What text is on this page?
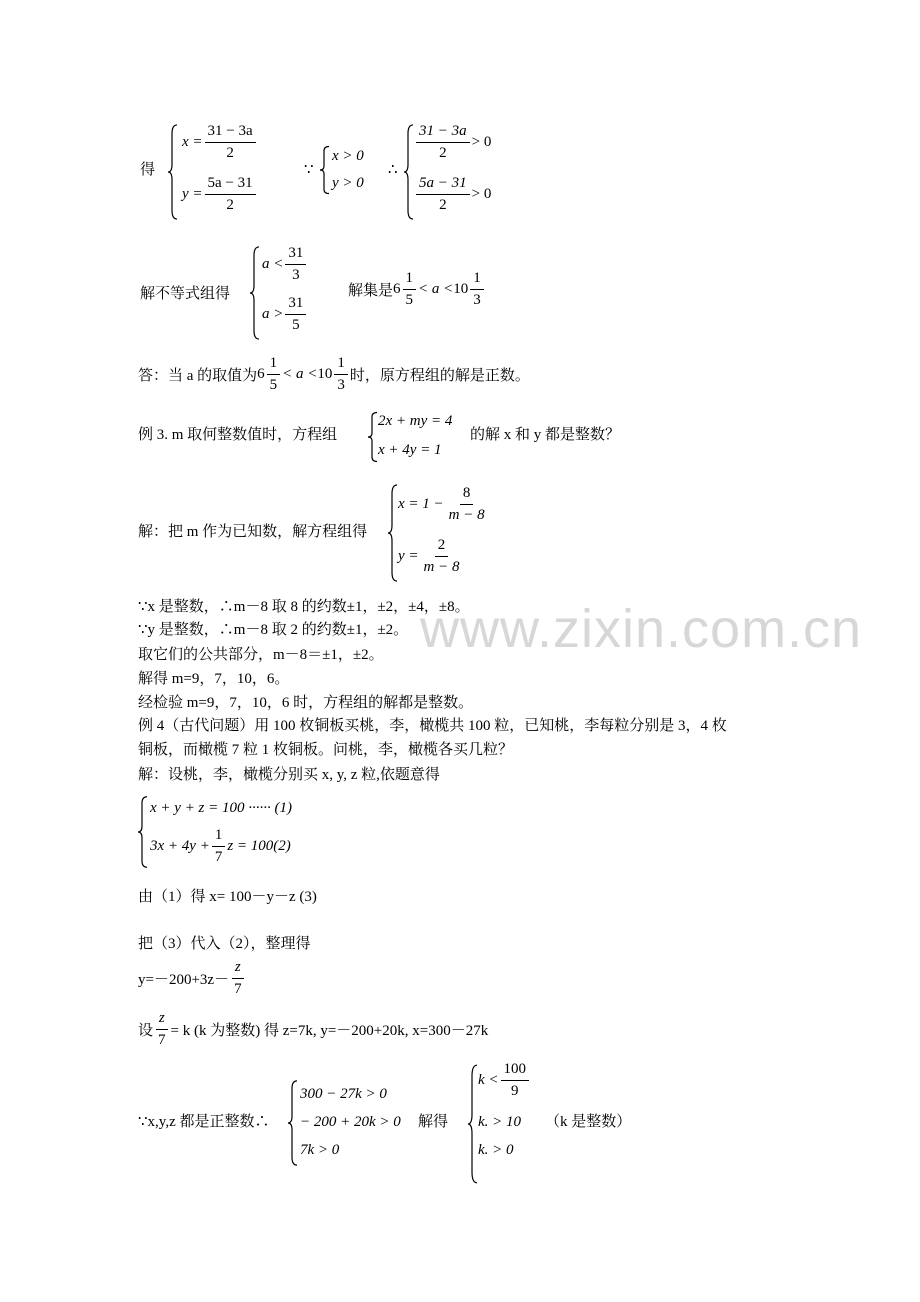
www.zixin.com.cn
得
$x = \frac{31 - 3a}{2}$
$y = \frac{5a - 31}{2}$
∵
x > 0
y > 0
∴
$\frac{31 - 3a}{2} > 0$
$\frac{5a - 31}{2} > 0$
解不等式组得
$a < \frac{31}{3}$
$a > \frac{31}{5}$
解集是 $6 \frac{1}{5} < a < 10 \frac{1}{3}$
答：当 a 的取值为 $6 \frac{1}{5} < a < 10 \frac{1}{3}$ 时，原方程组的解是正数。
例 3. m 取何整数值时，方程组
2x + my = 4
x + 4y = 1
的解 x 和 y 都是整数？
解：把 m 作为已知数，解方程组得
$x = 1 - \frac{8}{m - 8}$
$y = \frac{2}{m - 8}$
∵x 是整数，∴m－8 取 8 的约数±1，±2，±4，±8。
∵y 是整数，∴m－8 取 2 的约数±1，±2。
取它们的公共部分，m－8＝±1，±2。
解得 m=9，7，10，6。
经检验 m=9，7，10，6 时，方程组的解都是整数。
例 4（古代问题）用 100 枚铜板买桃，李，橄榄共 100 粒，已知桃，李每粒分别是 3，4 枚
铜板，而橄榄 7 粒 1 枚铜板。问桃，李，橄榄各买几粒？
解：设桃，李，橄榄分别买 x, y, z 粒,依题意得
x + y + z = 100 ······ (1)
$3x + 4y + \frac{1}{7}$ z = 100(2)
由（1）得 x= 100－y－z (3)
把（3）代入（2），整理得
$y=-200+3z- \frac{z}{7}$
设 $\frac{z}{7} = k$ (k 为整数) 得 z=7k, y=－200+20k, x=300－27k
∵x,y,z 都是正整数∴
300 − 27k > 0
− 200 + 20k > 0
7k > 0
解得
$k < \frac{100}{9}$
k. > 10 （k 是整数）
k. > 0
